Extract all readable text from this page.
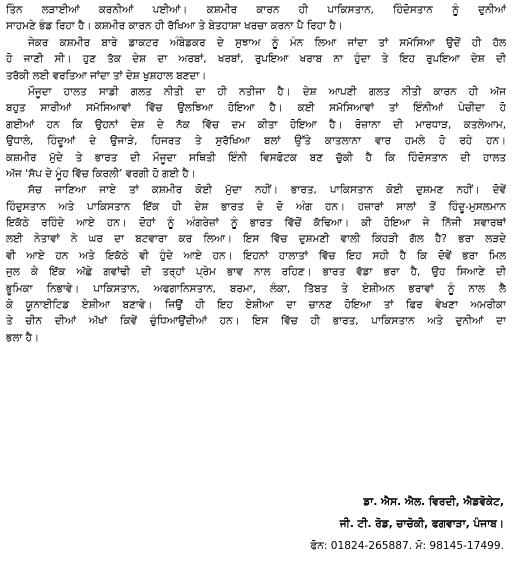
ਤਿੰਨ ਲੜਾਈਆਂ ਕਰਨੀਆਂ ਪਈਆਂ। ਕਸ਼ਮੀਰ ਕਾਰਨ ਹੀ ਪਾਕਿਸਤਾਨ, ਹਿੰਦੋਸਤਾਨ ਨੂੰ ਦੁਨੀਆਂ
ਸਾਹਮਣੇ ਭੰਡ ਰਿਹਾ ਹੈ। ਕਸ਼ਮੀਰ ਕਾਰਨ ਹੀ ਰੱਖਿਆ ਤੇ ਬੇਤਹਾਸ਼ਾ ਖਰਚਾ ਕਰਨਾ ਪੈ ਰਿਹਾ ਹੈ।
ਜੇਕਰ ਕਸ਼ਮੀਰ ਬਾਰੇ ਡਾਕਟਰ ਅੰਬੇਡਕਰ ਦੇ ਸੁਝਾਅ ਨੂੰ ਮੰਨ ਲਿਆ ਜਾਂਦਾ ਤਾਂ ਸਮੱਸਿਆ ਉਦੋਂ ਹੀ ਹੱਲ
ਹੋ ਜਾਣੀ ਸੀ। ਹੁਣ ਤੱਕ ਦੇਸ਼ ਦਾ ਅਰਬਾਂ, ਖਰਬਾਂ, ਰੁਪਇਆ ਖਰਾਬ ਨਾ ਹੁੰਦਾ ਤੇ ਇਹ ਰੁਪਇਆ ਦੇਸ਼ ਦੀ
ਤਰੱਕੀ ਲਈ ਵਰਤਿਆ ਜਾਂਦਾ ਤਾਂ ਦੇਸ਼ ਖੁਸ਼ਹਾਲ ਬਣਦਾ।
ਮੌਜੂਦਾ ਹਾਲਤ ਸਾਡੀ ਗਲਤ ਨੀਤੀ ਦਾ ਹੀ ਨਤੀਜਾ ਹੈ। ਦੇਸ਼ ਆਪਣੀ ਗਲਤ ਨੀਤੀ ਕਾਰਨ ਹੀ ਅੱਜ
ਬਹੁਤ ਸਾਰੀਆਂ ਸਮੱਸਿਆਵਾਂ ਵਿੱਚ ਉਲਝਿਆ ਹੋਇਆ ਹੈ। ਕਈ ਸਮੱਸਿਆਵਾਂ ਤਾਂ ਇੰਨੀਆਂ ਪੇਚੀਦਾ ਹੋ
ਗਈਆਂ ਹਨ ਕਿ ਉਹਨਾਂ ਦੇਸ਼ ਦੇ ਨੱਕ ਵਿੱਚ ਦਮ ਕੀਤਾ ਹੋਇਆ ਹੈ। ਰੋਜ਼ਾਨਾ ਦੀ ਮਾਰਧਾੜ, ਕਤਲੇਆਮ,
ਉਧਾਲੇ, ਹਿੰਦੂਆਂ ਦੇ ਉਜਾੜੇ, ਹਿਜਰਤ ਤੇ ਸੁਰੱਖਿਆ ਬਲਾਂ ਉੱਤੇ ਕਾਤਲਾਨਾ ਵਾਰ ਹਮਲੇ ਹੋ ਰਹੇ ਹਨ।
ਕਸ਼ਮੀਰ ਮੁੱਦੇ ਤੇ ਭਾਰਤ ਦੀ ਮੌਜੂਦਾ ਸਥਿਤੀ ਇੰਨੀ ਵਿਸਫੋਟਕ ਬਣ ਚੁੱਕੀ ਹੈ ਕਿ ਹਿੰਦੋਸਤਾਨ ਦੀ ਹਾਲਤ
ਅੱਜ ‘ਸੱਪ ਦੇ ਮੂੰਹ ਵਿੱਚ ਕਿਰਲੀ’ ਵਰਗੀ ਹੋ ਗਈ ਹੈ।
ਸੱਚ ਜਾਣਿਆ ਜਾਏ ਤਾਂ ਕਸ਼ਮੀਰ ਕੋਈ ਮੁੱਦਾ ਨਹੀਂ। ਭਾਰਤ, ਪਾਕਿਸਤਾਨ ਕੋਈ ਦੁਸ਼ਮਣ ਨਹੀਂ। ਦੋਵੇਂ
ਹਿੰਦੁਸਤਾਨ ਅਤੇ ਪਾਕਿਸਤਾਨ ਇੱਕ ਹੀ ਦੇਸ਼ ਭਾਰਤ ਦੇ ਦੋ ਅੰਗ ਹਨ। ਹਜ਼ਾਰਾਂ ਸਾਲਾਂ ਤੋਂ ਹਿੰਦੂ-ਮੁਸਲਮਾਨ
ਇਕੱਠੇ ਰਹਿੰਦੇ ਆਏ ਹਨ। ਦੋਹਾਂ ਨੂੰ ਅੰਗਰੇਜ਼ਾਂ ਨੂੰ ਭਾਰਤ ਵਿੱਚੋਂ ਕੱਢਿਆ। ਕੀ ਹੋਇਆ ਜੇ ਨਿੱਜੀ ਸਵਾਰਥਾਂ
ਲਈ ਨੇਤਾਵਾਂ ਨੇ ਘਰ ਦਾ ਬਟਵਾਰਾ ਕਰ ਲਿਆ। ਇਸ ਵਿੱਚ ਦੁਸ਼ਮਣੀ ਵਾਲੀ ਕਿਹੜੀ ਗੱਲ ਹੈ? ਭਰਾ ਲੜਦੇ
ਵੀ ਆਏ ਹਨ ਅਤੇ ਇਕੱਠੇ ਵੀ ਹੁੰਦੇ ਆਏ ਹਨ। ਇਹਨਾਂ ਹਾਲਾਤਾਂ ਵਿੱਚ ਇਹ ਸਹੀ ਹੈ ਕਿ ਦੋਵੇਂ ਭਰਾ ਮਿਲ
ਜੁਲ ਕੇ ਇੱਕ ਅੱਛੇ ਗਵਾਂਢੀ ਦੀ ਤਰ੍ਹਾਂ ਪ੍ਰੇਮ ਭਾਵ ਨਾਲ ਰਹਿਣ। ਭਾਰਤ ਵੱਡਾ ਭਰਾ ਹੈ, ਉਹ ਸਿਆਣੇ ਦੀ
ਭੂਮਿਕਾ ਨਿਭਾਵੇ। ਪਾਕਿਸਤਾਨ, ਅਫਗਾਨਿਸਤਾਨ, ਬਰਮਾ, ਲੰਕਾ, ਤਿੱਬਤ ਤੇ ਏਸ਼ੀਅਨ ਭਰਾਵਾਂ ਨੂੰ ਨਾਲ ਲੈ
ਕੇ ਯੂਨਾਈਟਿਡ ਏਸ਼ੀਆ ਬਣਾਵੇ। ਜਿਉਂ ਹੀ ਇਹ ਏਸ਼ੀਆ ਦਾ ਚਾਨਣ ਹੋਇਆ ਤਾਂ ਫਿਰ ਵੇਖਣਾ ਅਮਰੀਕਾ
ਤੇ ਚੀਨ ਦੀਆਂ ਅੱਖਾਂ ਕਿਵੇਂ ਚੁੰਧਿਆਉਂਦੀਆਂ ਹਨ। ਇਸ ਵਿੱਚ ਹੀ ਭਾਰਤ, ਪਾਕਿਸਤਾਨ ਅਤੇ ਦੁਨੀਆਂ ਦਾ
ਭਲਾ ਹੈ।
ਡਾ. ਐਸ. ਐਲ. ਵਿਰਦੀ, ਐਡਵੋਕੇਟ,
ਜੀ. ਟੀ. ਰੋਡ, ਚਾਚੋਕੀ, ਫਗਵਾੜਾ, ਪੰਜਾਬ।
ਫੋਨ: 01824-265887. ਮੋ: 98145-17499.
